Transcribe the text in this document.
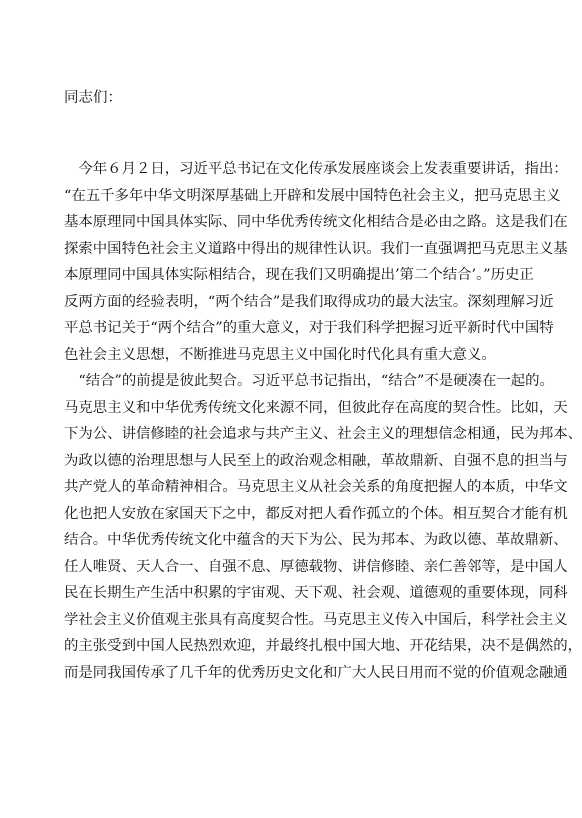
同志们：
　今年６月２日，习近平总书记在文化传承发展座谈会上发表重要讲话，指出：
“在五千多年中华文明深厚基础上开辟和发展中国特色社会主义，把马克思主义
基本原理同中国具体实际、同中华优秀传统文化相结合是必由之路。这是我们在
探索中国特色社会主义道路中得出的规律性认识。我们一直强调把马克思主义基
本原理同中国具体实际相结合，现在我们又明确提出’第二个结合’。”历史正
反两方面的经验表明，“两个结合”是我们取得成功的最大法宝。深刻理解习近
平总书记关于“两个结合”的重大意义，对于我们科学把握习近平新时代中国特
色社会主义思想，不断推进马克思主义中国化时代化具有重大意义。
　“结合”的前提是彼此契合。习近平总书记指出，“结合”不是硬凑在一起的。
马克思主义和中华优秀传统文化来源不同，但彼此存在高度的契合性。比如，天
下为公、讲信修睦的社会追求与共产主义、社会主义的理想信念相通，民为邦本、
为政以德的治理思想与人民至上的政治观念相融，革故鼎新、自强不息的担当与
共产党人的革命精神相合。马克思主义从社会关系的角度把握人的本质，中华文
化也把人安放在家国天下之中，都反对把人看作孤立的个体。相互契合才能有机
结合。中华优秀传统文化中蕴含的天下为公、民为邦本、为政以德、革故鼎新、
任人唯贤、天人合一、自强不息、厚德载物、讲信修睦、亲仁善邻等，是中国人
民在长期生产生活中积累的宇宙观、天下观、社会观、道德观的重要体现，同科
学社会主义价值观主张具有高度契合性。马克思主义传入中国后，科学社会主义
的主张受到中国人民热烈欢迎，并最终扎根中国大地、开花结果，决不是偶然的，
而是同我国传承了几千年的优秀历史文化和广大人民日用而不觉的价值观念融通
